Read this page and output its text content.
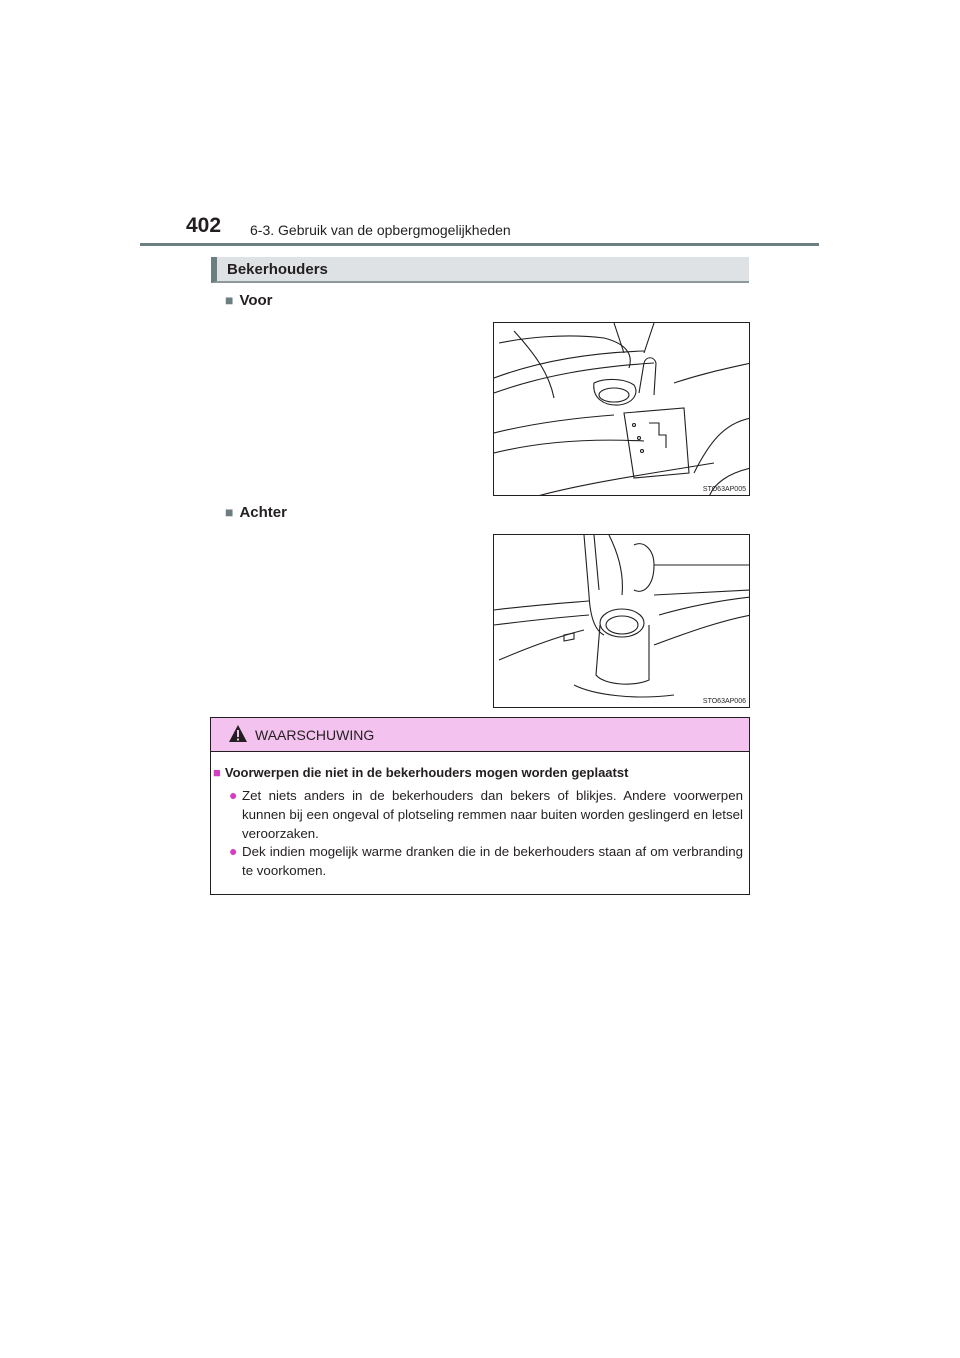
402 6-3. Gebruik van de opbergmogelijkheden
Bekerhouders
■ Voor
STO63AP005
■ Achter
STO63AP006
WAARSCHUWING
■ Voorwerpen die niet in de bekerhouders mogen worden geplaatst
● Zet niets anders in de bekerhouders dan bekers of blikjes. Andere voorwerpen kunnen bij een ongeval of plotseling remmen naar buiten worden geslingerd en letsel veroorzaken.
● Dek indien mogelijk warme dranken die in de bekerhouders staan af om verbranding te voorkomen.
